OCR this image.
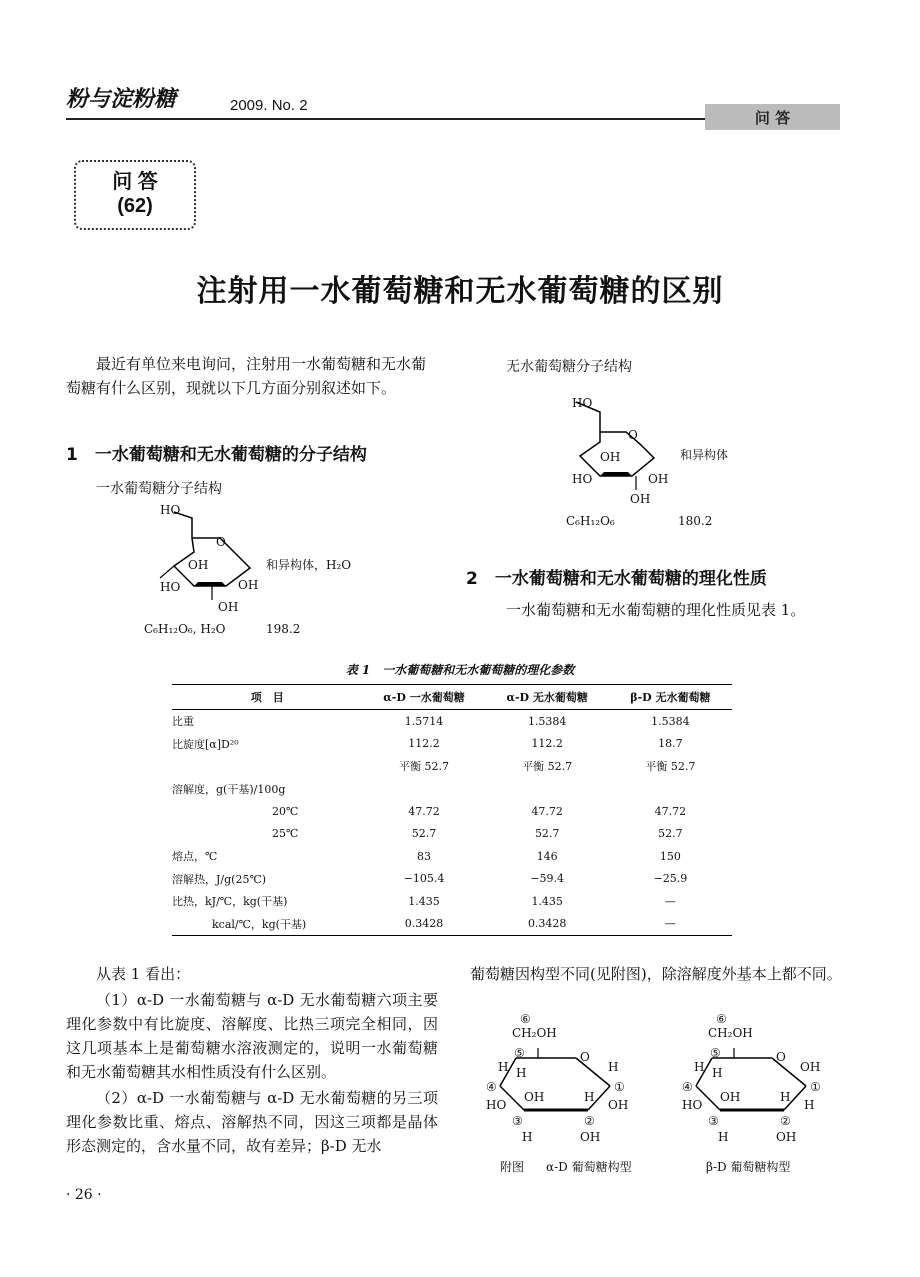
粉与淀粉糖	2009. No. 2
问 答
问 答
(62)
注射用一水葡萄糖和无水葡萄糖的区别
最近有单位来电询问，注射用一水葡萄糖和无水葡萄糖有什么区别，现就以下几方面分别叙述如下。
1　一水葡萄糖和无水葡萄糖的分子结构
一水葡萄糖分子结构
HO
O
OH
HO	OH
OH
和异构体，H₂O
C₆H₁₂O₆, H₂O	198.2
无水葡萄糖分子结构
HO
O
OH
HO	OH
OH
和异构体
C₆H₁₂O₆	180.2
2　一水葡萄糖和无水葡萄糖的理化性质
一水葡萄糖和无水葡萄糖的理化性质见表 1。
表 1　一水葡萄糖和无水葡萄糖的理化参数
项　目	α-D 一水葡萄糖	α-D 无水葡萄糖	β-D 无水葡萄糖
比重	1.5714	1.5384	1.5384
比旋度[α]D²⁰	112.2	112.2	18.7
	平衡 52.7	平衡 52.7	平衡 52.7
溶解度，g(干基)/100g			
20℃	47.72	47.72	47.72
25℃	52.7	52.7	52.7
熔点，℃	83	146	150
溶解热，J/g(25℃)	−105.4	−59.4	−25.9
比热，kJ/℃，kg(干基)	1.435	1.435	—
kcal/℃，kg(干基)	0.3428	0.3428	—
从表 1 看出：
（1）α-D 一水葡萄糖与 α-D 无水葡萄糖六项主要理化参数中有比旋度、溶解度、比热三项完全相同，因这几项基本上是葡萄糖水溶液测定的，说明一水葡萄糖和无水葡萄糖其水相性质没有什么区别。
（2）α-D 一水葡萄糖与 α-D 无水葡萄糖的另三项理化参数比重、熔点、溶解热不同，因这三项都是晶体形态测定的，含水量不同，故有差异；β-D 无水
葡萄糖因构型不同(见附图)，除溶解度外基本上都不同。
⑥
CH₂OH
⑤	O
H H	H
④	①
OH	H
HO	OH
③	②
H	OH
⑥
CH₂OH
⑤	O
H H	OH
④	①
OH	H
HO	H
③	②
H	OH
附图 α-D 葡萄糖构型	β-D 葡萄糖构型
· 26 ·
